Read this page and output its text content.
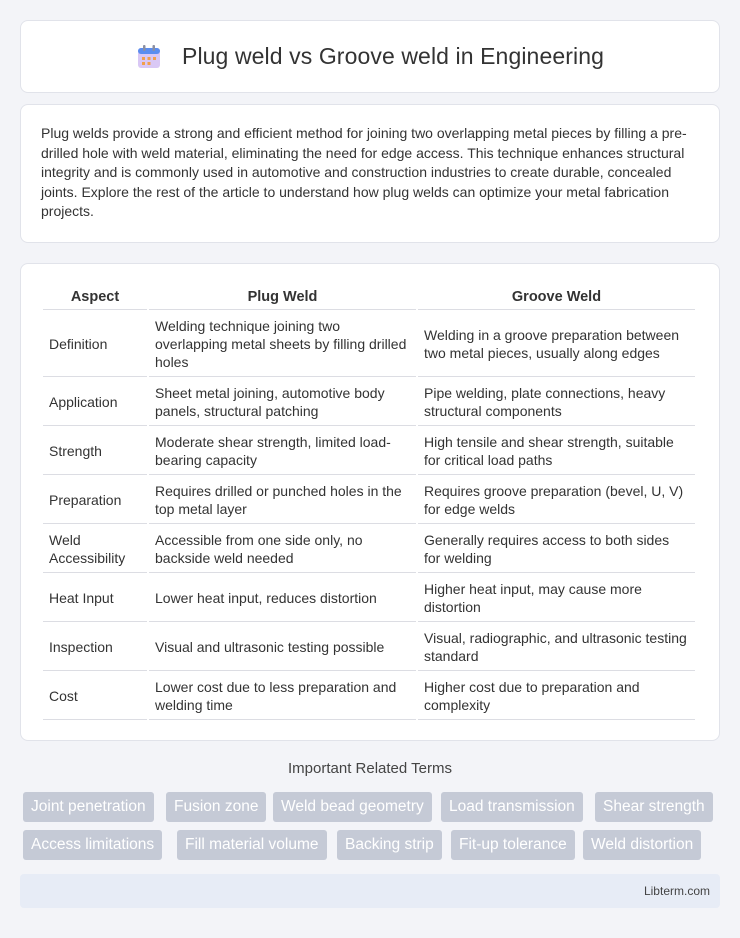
Plug weld vs Groove weld in Engineering

Plug welds provide a strong and efficient method for joining two overlapping metal pieces by filling a pre-drilled hole with weld material, eliminating the need for edge access. This technique enhances structural integrity and is commonly used in automotive and construction industries to create durable, concealed joints. Explore the rest of the article to understand how plug welds can optimize your metal fabrication projects.

Aspect	Plug Weld	Groove Weld
Definition	Welding technique joining two overlapping metal sheets by filling drilled holes	Welding in a groove preparation between two metal pieces, usually along edges
Application	Sheet metal joining, automotive body panels, structural patching	Pipe welding, plate connections, heavy structural components
Strength	Moderate shear strength, limited load-bearing capacity	High tensile and shear strength, suitable for critical load paths
Preparation	Requires drilled or punched holes in the top metal layer	Requires groove preparation (bevel, U, V) for edge welds
Weld Accessibility	Accessible from one side only, no backside weld needed	Generally requires access to both sides for welding
Heat Input	Lower heat input, reduces distortion	Higher heat input, may cause more distortion
Inspection	Visual and ultrasonic testing possible	Visual, radiographic, and ultrasonic testing standard
Cost	Lower cost due to less preparation and welding time	Higher cost due to preparation and complexity
Important Related Terms
Joint penetration	Fusion zone	Weld bead geometry	Load transmission	Shear strength
Access limitations	Fill material volume	Backing strip	Fit-up tolerance	Weld distortion
Libterm.com
